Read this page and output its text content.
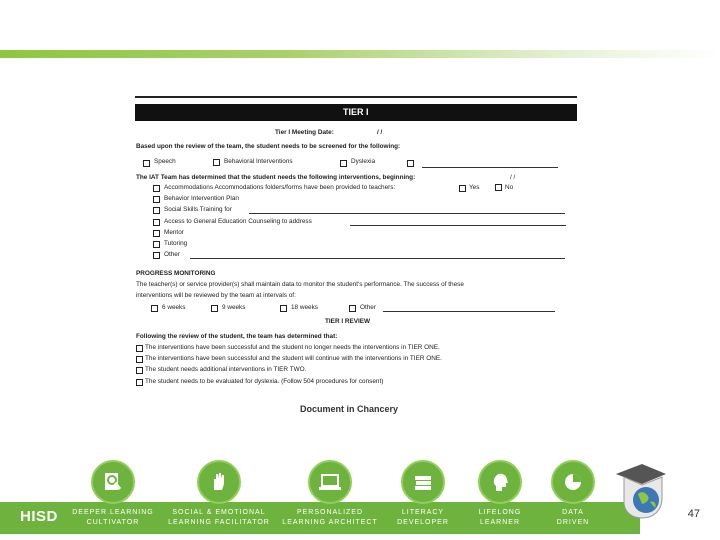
TIER I
Tier I Meeting Date:	/ /
Based upon the review of the team, the student needs to be screened for the following:
Speech	Behavioral Interventions	Dyslexia
The IAT Team has determined that the student needs the following interventions, beginning:	/ /
Accommodations Accommodations folders/forms have been provided to teachers:	Yes	No
Behavior Intervention Plan
Social Skills Training for
Access to General Education Counseling to address
Mentor
Tutoring
Other
PROGRESS MONITORING
The teacher(s) or service provider(s) shall maintain data to monitor the student's performance. The success of these
interventions will be reviewed by the team at intervals of:
6 weeks	9 weeks	18 weeks	Other
TIER I REVIEW
Following the review of the student, the team has determined that:
The interventions have been successful and the student no longer needs the interventions in TIER ONE.
The interventions have been successful and the student will continue with the interventions in TIER ONE.
The student needs additional interventions in TIER TWO.
The student needs to be evaluated for dyslexia. (Follow 504 procedures for consent)
Document in Chancery
HISD	DEEPER LEARNING
CULTIVATOR
SOCIAL & EMOTIONAL
LEARNING FACILITATOR
PERSONALIZED
LEARNING ARCHITECT
LITERACY
DEVELOPER
LIFELONG
LEARNER
DATA
DRIVEN
47
